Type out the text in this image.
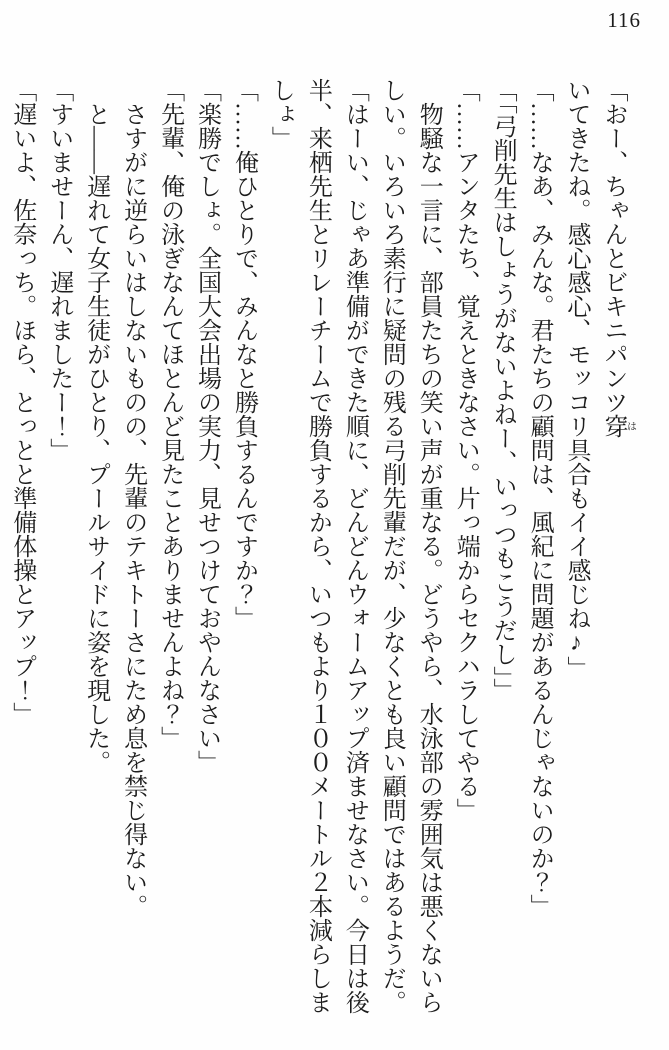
116

「おー、ちゃんとビキニパンツ穿はいてきたね。感心感心、モッコリ具合もイイ感じね♪」

「……なあ、みんな。君たちの顧問は、風紀に問題があるんじゃないのか？」

「「弓削先生はしょうがないよねー、いっつもこうだし」」

「……アンタたち、覚えときなさい。片っ端からセクハラしてやる」

物騒な一言に、部員たちの笑い声が重なる。どうやら、水泳部の雰囲気は悪くないらしい。いろいろ素行に疑問の残る弓削先輩だが、少なくとも良い顧問ではあるようだ。

「はーい、じゃあ準備ができた順に、どんどんウォームアップ済ませなさい。今日は後半、来栖先生とリレーチームで勝負するから、いつもより１００メートル２本減らしましょ」

「……俺ひとりで、みんなと勝負するんですか？」

「楽勝でしょ。全国大会出場の実力、見せつけておやんなさい」

「先輩、俺の泳ぎなんてほとんど見たことありませんよね？」

さすがに逆らいはしないものの、先輩のテキトーさにため息を禁じ得ない。

と――遅れて女子生徒がひとり、プールサイドに姿を現した。

「すいませーん、遅れましたー！」

「遅いよ、佐奈っち。ほら、とっとと準備体操とアップ！」
